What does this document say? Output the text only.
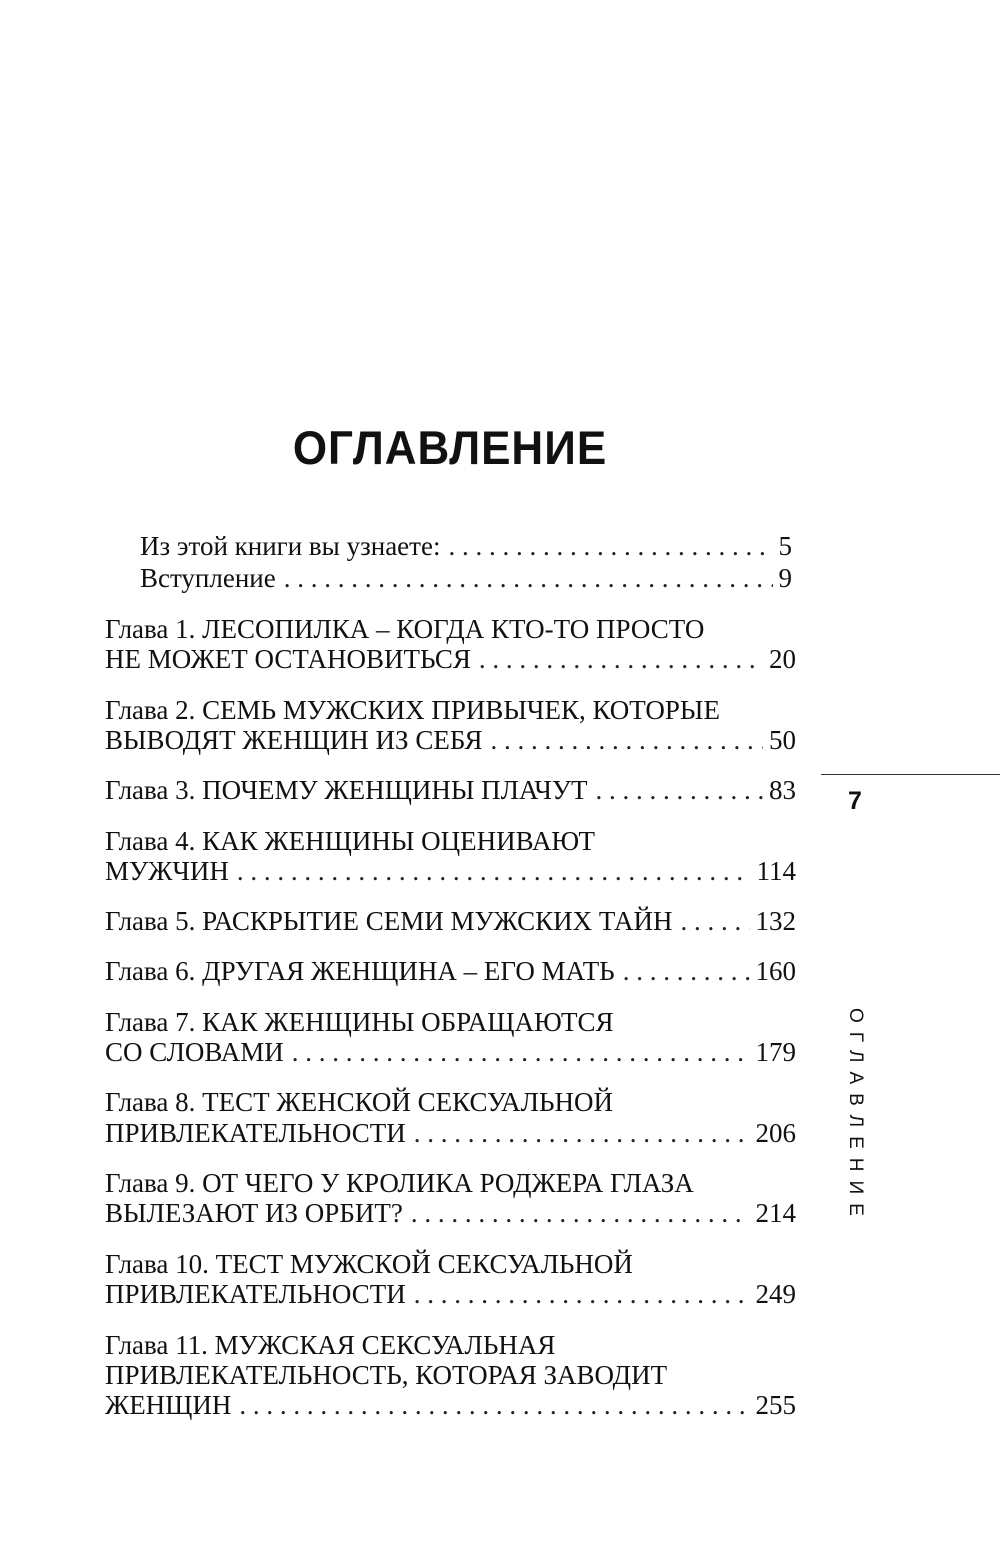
ОГЛАВЛЕНИЕ
Из этой книги вы узнаете: . . .	5
Вступление . . .	9
Глава 1. ЛЕСОПИЛКА – КОГДА КТО-ТО ПРОСТО
НЕ МОЖЕТ ОСТАНОВИТЬСЯ . . .	20
Глава 2. СЕМЬ МУЖСКИХ ПРИВЫЧЕК, КОТОРЫЕ
ВЫВОДЯТ ЖЕНЩИН ИЗ СЕБЯ . . .	50
Глава 3. ПОЧЕМУ ЖЕНЩИНЫ ПЛАЧУТ . . .	83
Глава 4. КАК ЖЕНЩИНЫ ОЦЕНИВАЮТ
МУЖЧИН . . .	114
Глава 5. РАСКРЫТИЕ СЕМИ МУЖСКИХ ТАЙН . . .	132
Глава 6. ДРУГАЯ ЖЕНЩИНА – ЕГО МАТЬ . . .	160
Глава 7. КАК ЖЕНЩИНЫ ОБРАЩАЮТСЯ
СО СЛОВАМИ . . .	179
Глава 8. ТЕСТ ЖЕНСКОЙ СЕКСУАЛЬНОЙ
ПРИВЛЕКАТЕЛЬНОСТИ . . .	206
Глава 9. ОТ ЧЕГО У КРОЛИКА РОДЖЕРА ГЛАЗА
ВЫЛЕЗАЮТ ИЗ ОРБИТ? . . .	214
Глава 10. ТЕСТ МУЖСКОЙ СЕКСУАЛЬНОЙ
ПРИВЛЕКАТЕЛЬНОСТИ . . .	249
Глава 11. МУЖСКАЯ СЕКСУАЛЬНАЯ
ПРИВЛЕКАТЕЛЬНОСТЬ, КОТОРАЯ ЗАВОДИТ
ЖЕНЩИН . . .	255
7
ОГЛАВЛЕНИЕ
